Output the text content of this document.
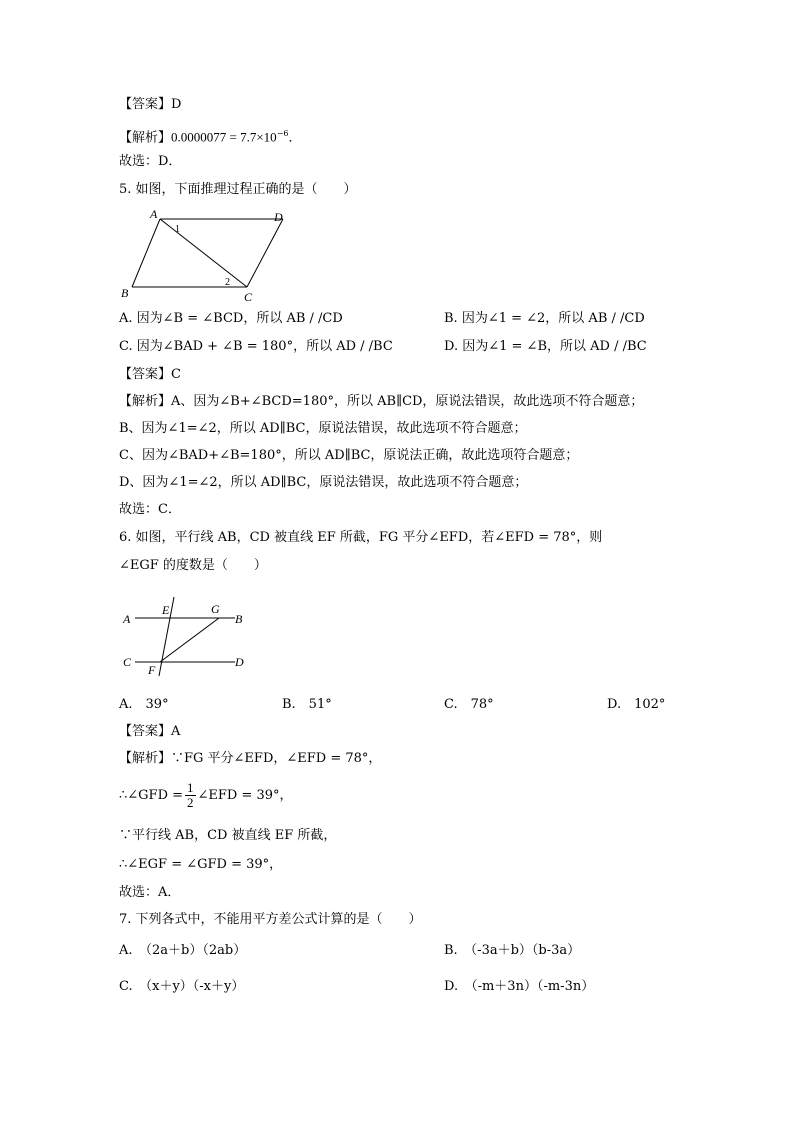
【答案】D
【解析】$0.0000077 = 7.7\times 10^{-6}$．
故选：D．
5. 如图，下面推理过程正确的是（　　）
A	D
B	C
1
2
A. 因为∠B = ∠BCD，所以 AB / /CD	B. 因为∠1 = ∠2，所以 AB / /CD
C. 因为∠BAD + ∠B = 180°，所以 AD / /BC	D. 因为∠1 = ∠B，所以 AD / /BC
【答案】C
【解析】A、因为∠B+∠BCD=180°，所以 AB∥CD，原说法错误，故此选项不符合题意；
B、因为∠1=∠2，所以 AD∥BC，原说法错误，故此选项不符合题意；
C、因为∠BAD+∠B=180°，所以 AD∥BC，原说法正确，故此选项符合题意；
D、因为∠1=∠2，所以 AD∥BC，原说法错误，故此选项不符合题意；
故选：C．
6. 如图，平行线 AB，CD 被直线 EF 所截，FG 平分∠EFD，若∠EFD = 78°，则
∠EGF 的度数是（　　）
A	B
C	D
E
F
G
A.　39°	B.　51°	C.　78°	D.　102°
【答案】A
【解析】∵FG 平分∠EFD，∠EFD = 78°，
∴∠GFD = $\frac{1}{2}$ ∠EFD = 39°，
∵平行线 AB，CD 被直线 EF 所截，
∴∠EGF = ∠GFD = 39°，
故选：A．
7. 下列各式中，不能用平方差公式计算的是（　　）
A.　（2a＋b）（2ab）	B.　（-3a＋b）（b-3a）
C.　（x＋y）（-x＋y）	D.　（-m＋3n）（-m-3n）
